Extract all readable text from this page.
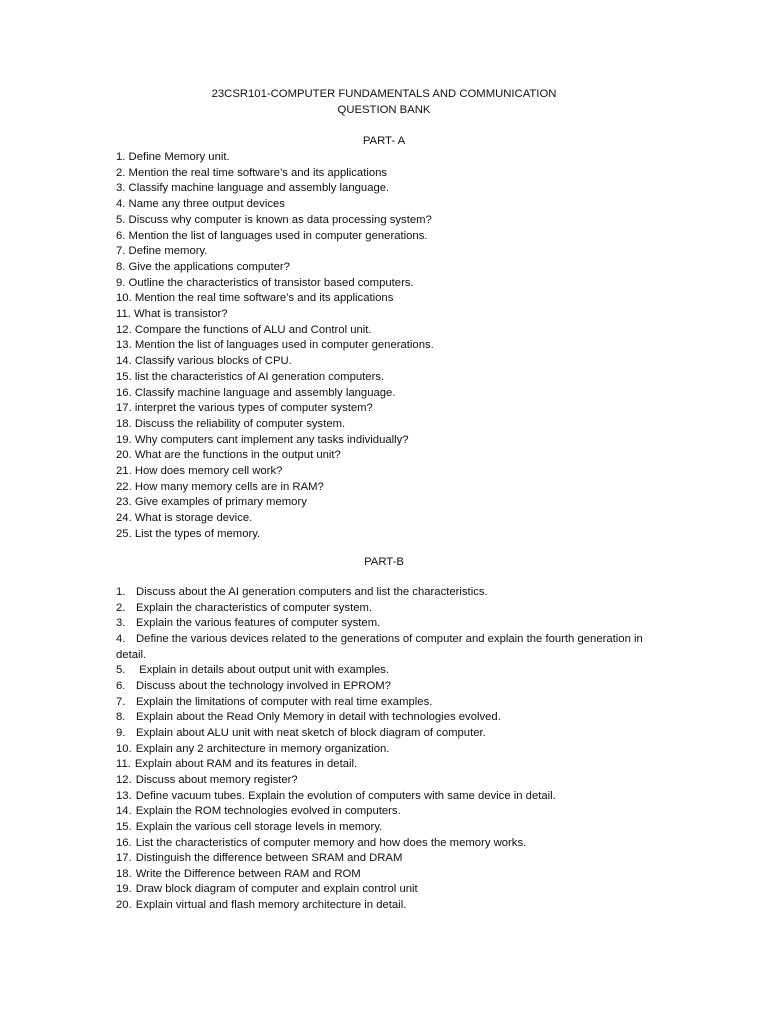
23CSR101-COMPUTER FUNDAMENTALS AND COMMUNICATION
QUESTION BANK
PART- A
1. Define Memory unit.
2. Mention the real time software’s and its applications
3. Classify machine language and assembly language.
4. Name any three output devices
5. Discuss why computer is known as data processing system?
6. Mention the list of languages used in computer generations.
7. Define memory.
8. Give the applications computer?
9. Outline the characteristics of transistor based computers.
10. Mention the real time software’s and its applications
11. What is transistor?
12. Compare the functions of ALU and Control unit.
13. Mention the list of languages used in computer generations.
14. Classify various blocks of CPU.
15. list the characteristics of AI generation computers.
16. Classify machine language and assembly language.
17. interpret the various types of computer system?
18. Discuss the reliability of computer system.
19. Why computers cant implement any tasks individually?
20. What are the functions in the output unit?
21. How does memory cell work?
22. How many memory cells are in RAM?
23. Give examples of primary memory
24. What is storage device.
25. List the types of memory.
PART-B
1. Discuss about the AI generation computers and list the characteristics.
2. Explain the characteristics of computer system.
3. Explain the various features of computer system.
4. Define the various devices related to the generations of computer and explain the fourth generation in detail.
5. Explain in details about output unit with examples.
6. Discuss about the technology involved in EPROM?
7. Explain the limitations of computer with real time examples.
8. Explain about the Read Only Memory in detail with technologies evolved.
9. Explain about ALU unit with neat sketch of block diagram of computer.
10. Explain any 2 architecture in memory organization.
11. Explain about RAM and its features in detail.
12. Discuss about memory register?
13. Define vacuum tubes. Explain the evolution of computers with same device in detail.
14. Explain the ROM technologies evolved in computers.
15. Explain the various cell storage levels in memory.
16. List the characteristics of computer memory and how does the memory works.
17. Distinguish the difference between SRAM and DRAM
18. Write the Difference between RAM and ROM
19. Draw block diagram of computer and explain control unit
20. Explain virtual and flash memory architecture in detail.
